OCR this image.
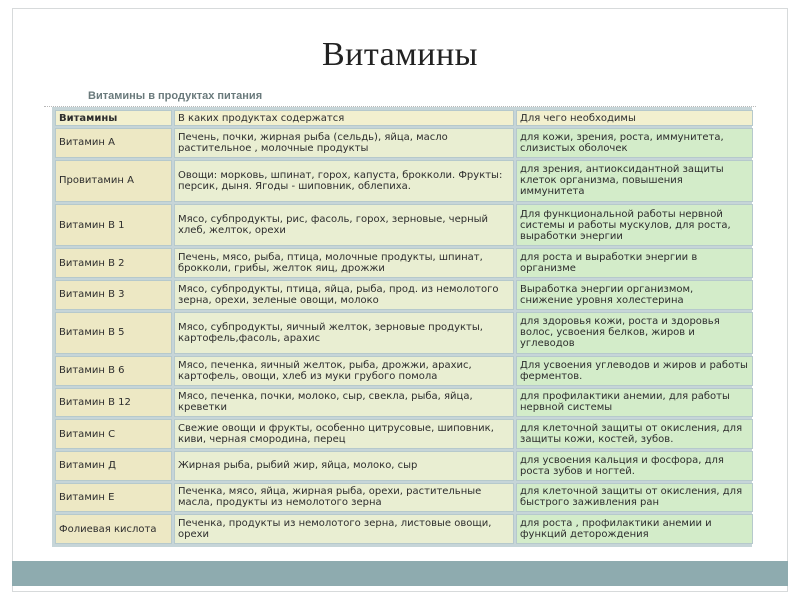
Витамины
Витамины в продуктах питания
Витамины	В каких продуктах содержатся	Для чего необходимы
Витамин А	Печень, почки, жирная рыба (сельдь), яйца, масло растительное , молочные продукты	для кожи, зрения, роста, иммунитета, слизистых оболочек
Провитамин А	Овощи: морковь, шпинат, горох, капуста, брокколи. Фрукты: персик, дыня. Ягоды - шиповник, облепиха.	для зрения, антиоксидантной защиты клеток организма, повышения иммунитета
Витамин В 1	Мясо, субпродукты, рис, фасоль, горох, зерновые, черный хлеб, желток, орехи	Для функциональной работы нервной системы и работы мускулов, для роста, выработки энергии
Витамин В 2	Печень, мясо, рыба, птица, молочные продукты, шпинат, брокколи, грибы, желток яиц, дрожжи	для роста и выработки энергии в организме
Витамин В 3	Мясо, субпродукты, птица, яйца, рыба, прод. из немолотого зерна, орехи, зеленые овощи, молоко	Выработка энергии организмом, снижение уровня холестерина
Витамин В 5	Мясо, субпродукты, яичный желток, зерновые продукты, картофель,фасоль, арахис	для здоровья кожи, роста и здоровья волос, усвоения белков, жиров и углеводов
Витамин В 6	Мясо, печенка, яичный желток, рыба, дрожжи, арахис, картофель, овощи, хлеб из муки грубого помола	Для усвоения углеводов и жиров и работы ферментов.
Витамин В 12	Мясо, печенка, почки, молоко, сыр, свекла, рыба, яйца, креветки	для профилактики анемии, для работы нервной системы
Витамин С	Свежие овощи и фрукты, особенно цитрусовые, шиповник, киви, черная смородина, перец	для клеточной защиты от окисления, для защиты кожи, костей, зубов.
Витамин Д	Жирная рыба, рыбий жир, яйца, молоко, сыр	для усвоения кальция и фосфора, для роста зубов и ногтей.
Витамин Е	Печенка, мясо, яйца, жирная рыба, орехи, растительные масла, продукты из немолотого зерна	для клеточной защиты от окисления, для быстрого заживления ран
Фолиевая кислота	Печенка, продукты из немолотого зерна, листовые овощи, орехи	для роста , профилактики анемии и функций деторождения
